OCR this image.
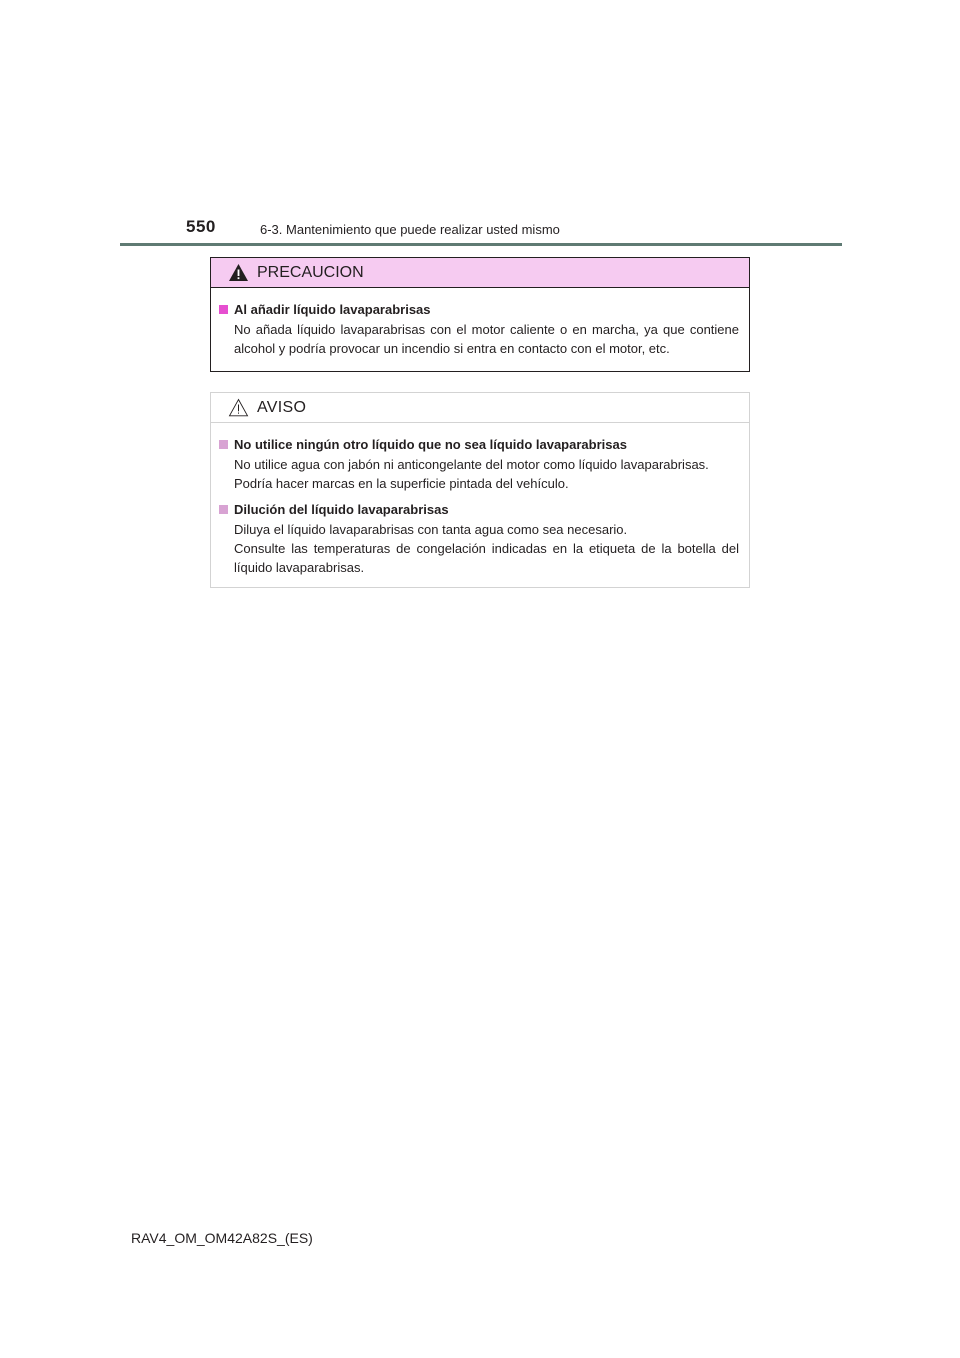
550	6-3. Mantenimiento que puede realizar usted mismo
PRECAUCION
Al añadir líquido lavaparabrisas
No añada líquido lavaparabrisas con el motor caliente o en marcha, ya que contiene alcohol y podría provocar un incendio si entra en contacto con el motor, etc.
AVISO
No utilice ningún otro líquido que no sea líquido lavaparabrisas
No utilice agua con jabón ni anticongelante del motor como líquido lavaparabrisas.
Podría hacer marcas en la superficie pintada del vehículo.
Dilución del líquido lavaparabrisas
Diluya el líquido lavaparabrisas con tanta agua como sea necesario.
Consulte las temperaturas de congelación indicadas en la etiqueta de la botella del líquido lavaparabrisas.
RAV4_OM_OM42A82S_(ES)
